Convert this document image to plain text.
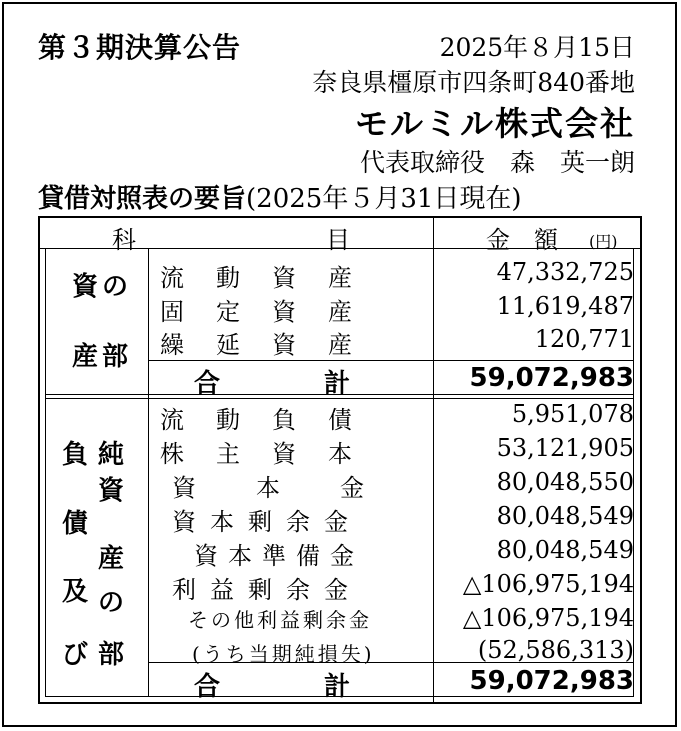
第３期決算公告	2025年８月15日
奈良県橿原市四条町840番地
モルミル株式会社
代表取締役　森　英一朗
貸借対照表の要旨(2025年５月31日現在)
科	目	金　額 (円)
資の
産部
流　動　資　産	47,332,725
固　定　資　産	11,619,487
繰　延　資　産	120,771
合　　　　計	59,072,983
負
債
及
び
純
資
産
の
部
流　動　負　債	5,951,078
株　主　資　本	53,121,905
資　　本　　金	80,048,550
資本剰余金	80,048,549
資本準備金	80,048,549
利益剰余金	△106,975,194
その他利益剰余金	△106,975,194
(うち当期純損失)	(52,586,313)
合　　　　計	59,072,983
